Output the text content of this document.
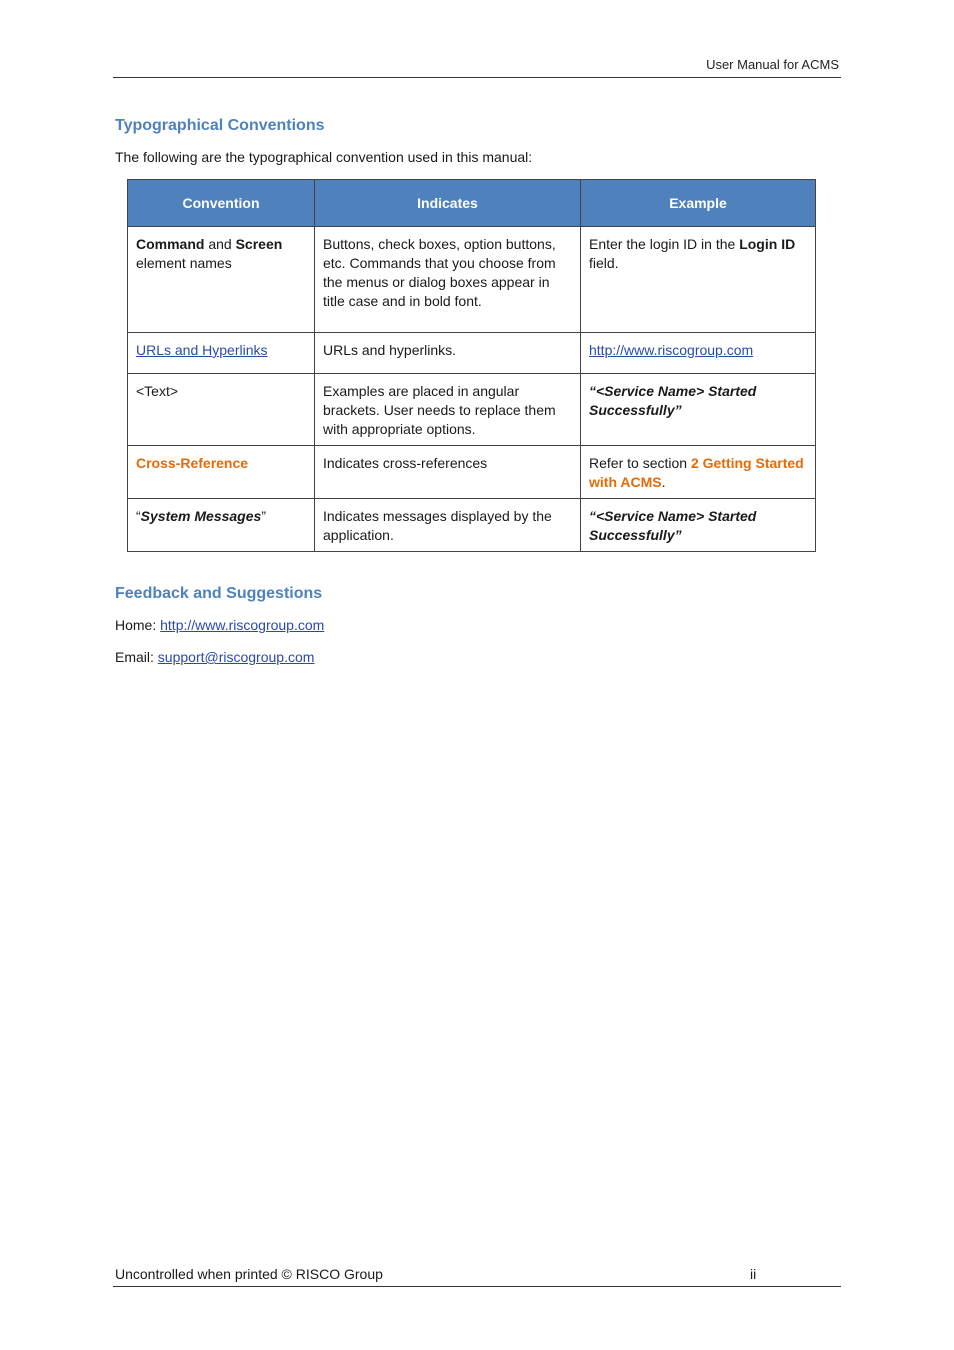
User Manual for ACMS
Typographical Conventions

The following are the typographical convention used in this manual:

Convention	Indicates	Example
Command and Screen
element names	Buttons, check boxes, option buttons, etc. Commands that you choose from the menus or dialog boxes appear in title case and in bold font.	Enter the login ID in the Login ID field.
URLs and Hyperlinks	URLs and hyperlinks.	http://www.riscogroup.com
<Text>	Examples are placed in angular brackets. User needs to replace them with appropriate options.	“<Service Name> Started Successfully”
Cross-Reference	Indicates cross-references	Refer to section 2 Getting Started with ACMS.
“System Messages”	Indicates messages displayed by the application.	“<Service Name> Started Successfully”
Feedback and Suggestions

Home: http://www.riscogroup.com

Email: support@riscogroup.com

Uncontrolled when printed © RISCO Group	ii
